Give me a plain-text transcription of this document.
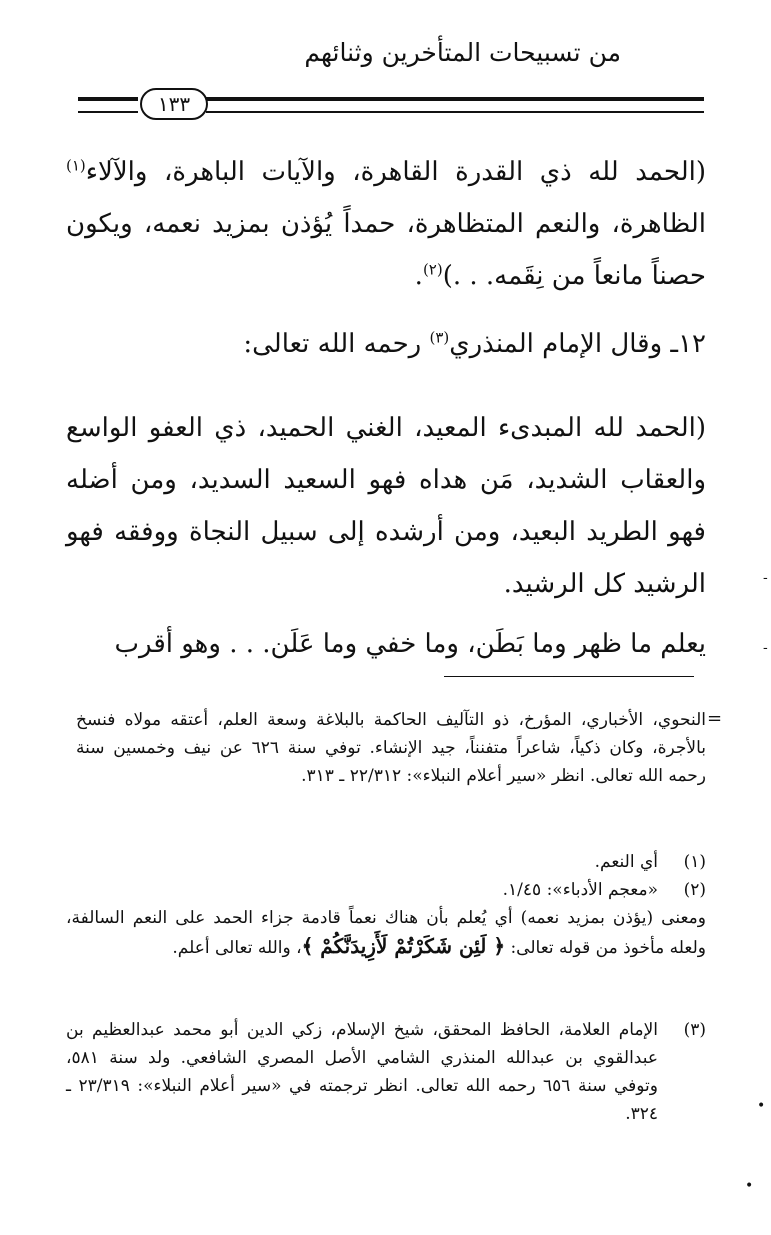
من تسبيحات المتأخرين وثنائهم
١٣٣
(الحمد لله ذي القدرة القاهرة، والآيات الباهرة، والآلاء$^{(١)}$ الظاهرة، والنعم المتظاهرة، حمداً يُؤذن بمزيد نعمه، ويكون حصناً مانعاً من نِقَمه. . .)$^{(٢)}$.
١٢ـ وقال الإمام المنذري$^{(٣)}$ رحمه الله تعالى:
(الحمد لله المبدىء المعيد، الغني الحميد، ذي العفو الواسع والعقاب الشديد، مَن هداه فهو السعيد السديد، ومن أضله فهو الطريد البعيد، ومن أرشده إلى سبيل النجاة ووفقه فهو الرشيد كل الرشيد.
يعلم ما ظهر وما بَطَن، وما خفي وما عَلَن. . . وهو أقرب
=
النحوي، الأخباري، المؤرخ، ذو التآليف الحاكمة بالبلاغة وسعة العلم، أعتقه مولاه فنسخ بالأجرة، وكان ذكياً، شاعراً متفنناً، جيد الإنشاء. توفي سنة ٦٢٦ عن نيف وخمسين سنة رحمه الله تعالى. انظر «سير أعلام النبلاء»: ٢٢/٣١٢ ـ ٣١٣.
(١)
أي النعم.
(٢)
«معجم الأدباء»: ١/٤٥.
ومعنى (يؤذن بمزيد نعمه) أي يُعلم بأن هناك نعماً قادمة جزاء الحمد على النعم السالفة، ولعله مأخوذ من قوله تعالى: ﴿ لَئِن شَكَرْتُمْ لَأَزِيدَنَّكُمْ ﴾، والله تعالى أعلم.
(٣)
الإمام العلامة، الحافظ المحقق، شيخ الإسلام، زكي الدين أبو محمد عبدالعظيم بن عبدالقوي بن عبدالله المنذري الشامي الأصل المصري الشافعي. ولد سنة ٥٨١، وتوفي سنة ٦٥٦ رحمه الله تعالى. انظر ترجمته في «سير أعلام النبلاء»: ٢٣/٣١٩ ـ ٣٢٤.
-
-
•
•
